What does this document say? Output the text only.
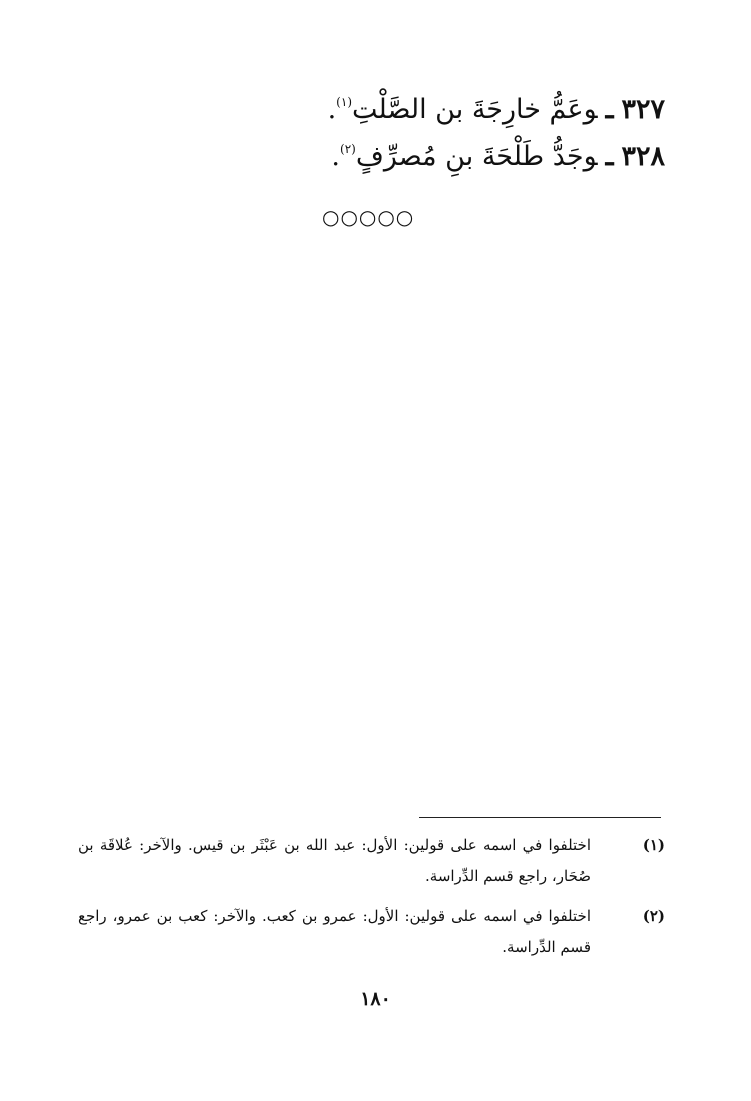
٣٢٧ـوعَمُّ خارِجَةَ بن الصَّلْتِ$^{(١)}$.
٣٢٨ـوجَدُّ طَلْحَةَ بنِ مُصرِّفٍ$^{(٢)}$.
○○○○○
(١)
اختلفوا في اسمه على قولين: الأول: عبد الله بن عَبْثَر بن قيس. والآخر: عُلاقَة بن صُحَار، راجع قسم الدِّراسة.
(٢)
اختلفوا في اسمه على قولين: الأول: عمرو بن كعب. والآخر: كعب بن عمرو، راجع قسم الدِّراسة.
١٨٠
